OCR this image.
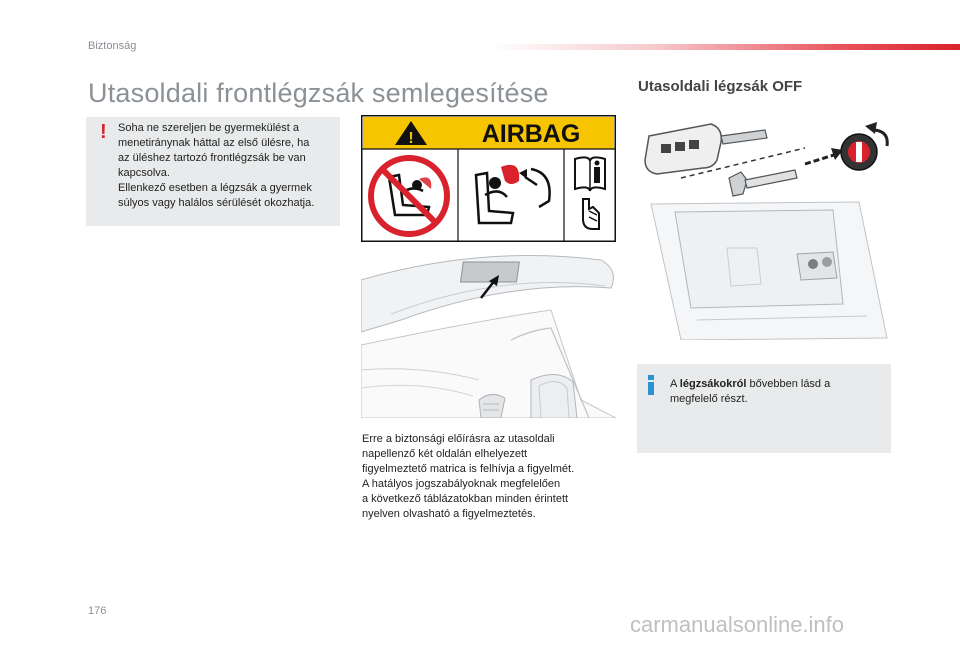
Biztonság
Utasoldali frontlégzsák semlegesítése	Utasoldali légzsák OFF
! Soha ne szereljen be gyermekülést a

menetiránynak háttal az első ülésre, ha

az üléshez tartozó frontlégzsák be van

kapcsolva.

Ellenkező esetben a légzsák a gyermek

súlyos vagy halálos sérülését okozhatja.

!	AIRBAG
A légzsákokról bővebben lásd a
megfelelő részt.

Erre a biztonsági előírásra az utasoldali

napellenző két oldalán elhelyezett

figyelmeztető matrica is felhívja a figyelmét.

A hatályos jogszabályoknak megfelelően

a következő táblázatokban minden érintett

nyelven olvasható a figyelmeztetés.

176
carmanualsonline.info
